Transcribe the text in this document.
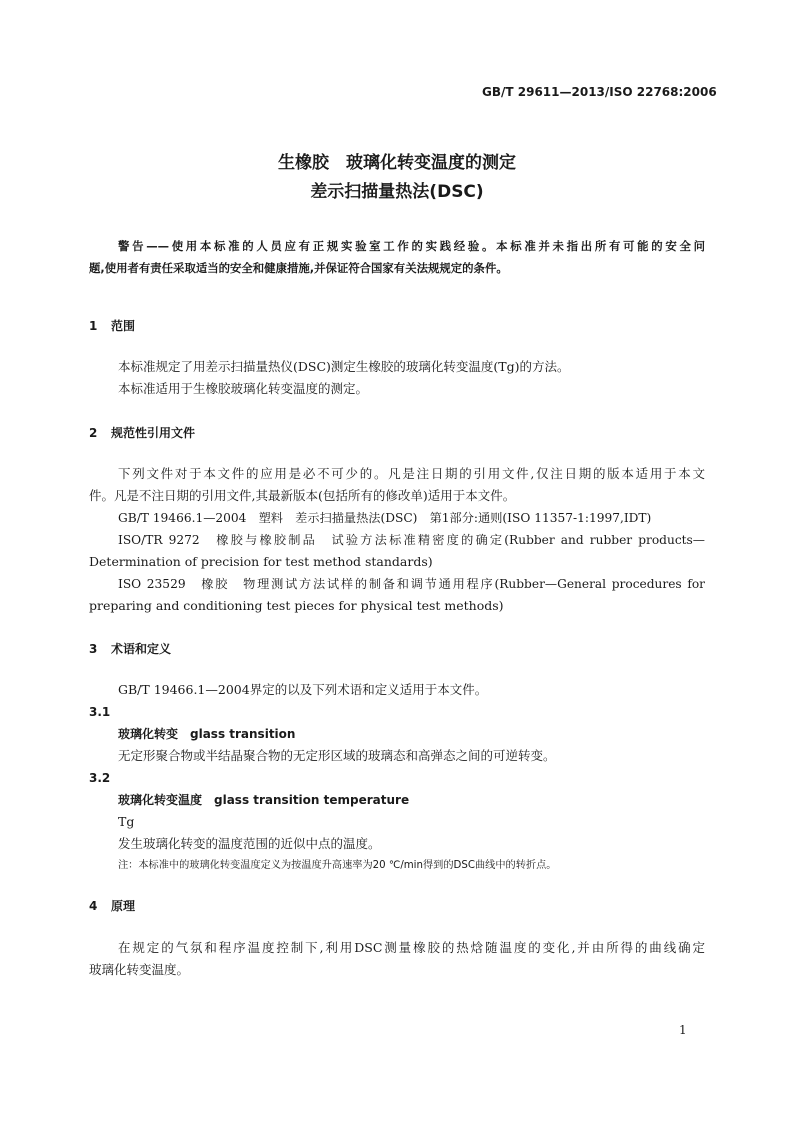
GB/T 29611—2013/ISO 22768:2006
生橡胶　玻璃化转变温度的测定
差示扫描量热法(DSC)
警告——使用本标准的人员应有正规实验室工作的实践经验。本标准并未指出所有可能的安全问
题,使用者有责任采取适当的安全和健康措施,并保证符合国家有关法规规定的条件。
1 范围
本标准规定了用差示扫描量热仪(DSC)测定生橡胶的玻璃化转变温度(Tg)的方法。
本标准适用于生橡胶玻璃化转变温度的测定。
2 规范性引用文件
下列文件对于本文件的应用是必不可少的。凡是注日期的引用文件,仅注日期的版本适用于本文
件。凡是不注日期的引用文件,其最新版本(包括所有的修改单)适用于本文件。
GB/T 19466.1—2004　塑料　差示扫描量热法(DSC)　第1部分:通则(ISO 11357-1:1997,IDT)
ISO/TR 9272　橡胶与橡胶制品　试验方法标准精密度的确定(Rubber and rubber products—
Determination of precision for test method standards)
ISO 23529　橡胶　物理测试方法试样的制备和调节通用程序(Rubber—General procedures for
preparing and conditioning test pieces for physical test methods)
3 术语和定义
GB/T 19466.1—2004界定的以及下列术语和定义适用于本文件。
3.1
玻璃化转变　glass transition
无定形聚合物或半结晶聚合物的无定形区域的玻璃态和高弹态之间的可逆转变。
3.2
玻璃化转变温度　glass transition temperature
Tg
发生玻璃化转变的温度范围的近似中点的温度。
注：本标准中的玻璃化转变温度定义为按温度升高速率为20 ℃/min得到的DSC曲线中的转折点。
4 原理
在规定的气氛和程序温度控制下,利用DSC测量橡胶的热焓随温度的变化,并由所得的曲线确定
玻璃化转变温度。
1
